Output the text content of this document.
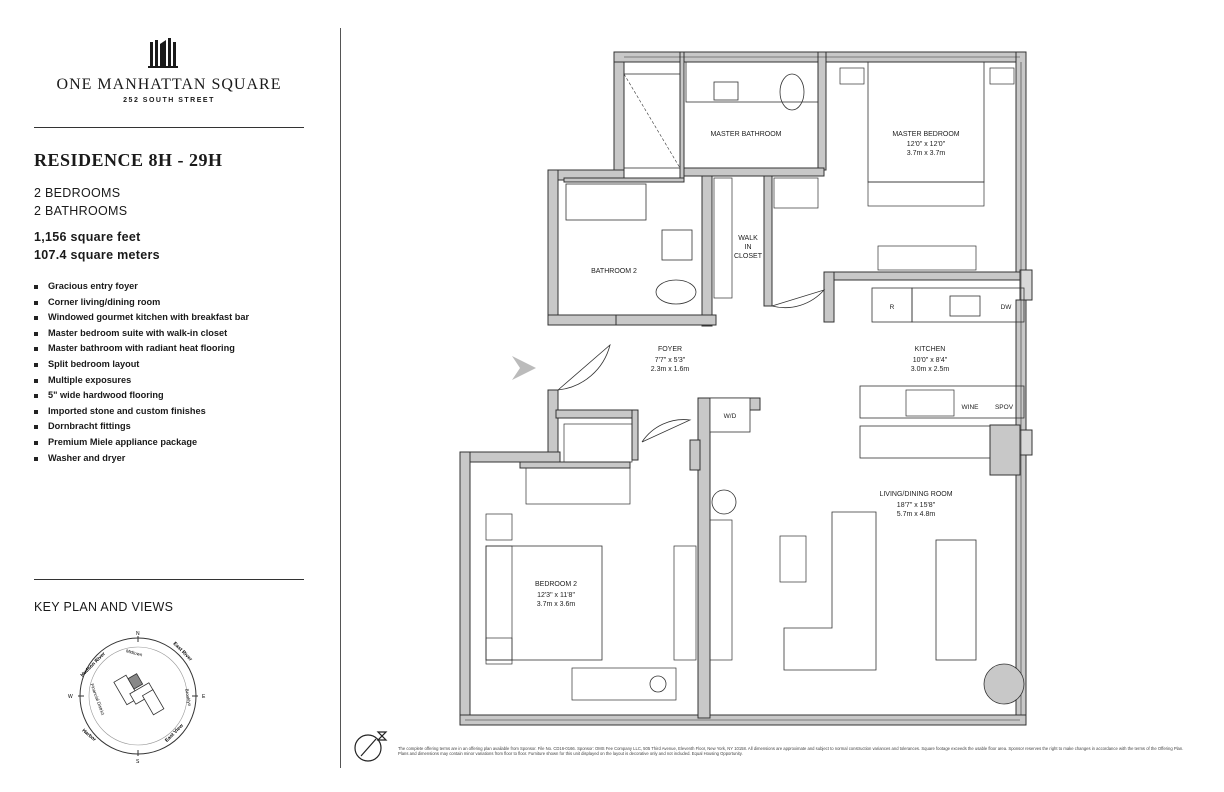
ONE MANHATTAN SQUARE
252 SOUTH STREET
RESIDENCE 8H - 29H
2 BEDROOMS
2 BATHROOMS
1,156 square feet
107.4 square meters
Gracious entry foyer
Corner living/dining room
Windowed gourmet kitchen with breakfast bar
Master bedroom suite with walk-in closet
Master bathroom with radiant heat flooring
Split bedroom layout
Multiple exposures
5" wide hardwood flooring
Imported stone and custom finishes
Dornbracht fittings
Premium Miele appliance package
Washer and dryer
KEY PLAN AND VIEWS
N
S
W	E
Hudson River	East River
Midtown
Brooklyn
Financial District
Harbor	East View
MASTER BATHROOM	MASTER BEDROOM
12'0" x 12'0"
3.7m x 3.7m
WALK
IN
CLOSET
BATHROOM 2
FOYER
7'7" x 5'3"
2.3m x 1.6m
KITCHEN
10'0" x 8'4"
3.0m x 2.5m
LIVING/DINING ROOM
18'7" x 15'8"
5.7m x 4.8m
BEDROOM 2
12'3" x 11'8"
3.7m x 3.6m
W/D
R	DW
WINE	SPOV
The complete offering terms are in an offering plan available from Sponsor. File No. CD16-0166. Sponsor: OMS Fee Company LLC, 505 Third Avenue, Eleventh Floor, New York, NY 10158. All dimensions are approximate and subject to normal construction variances and tolerances. Square footage exceeds the usable floor area. Sponsor reserves the right to make changes in accordance with the terms of the Offering Plan. Plans and dimensions may contain minor variations from floor to floor. Furniture shown for this unit displayed on the layout is decorative only and not included. Equal Housing Opportunity.
